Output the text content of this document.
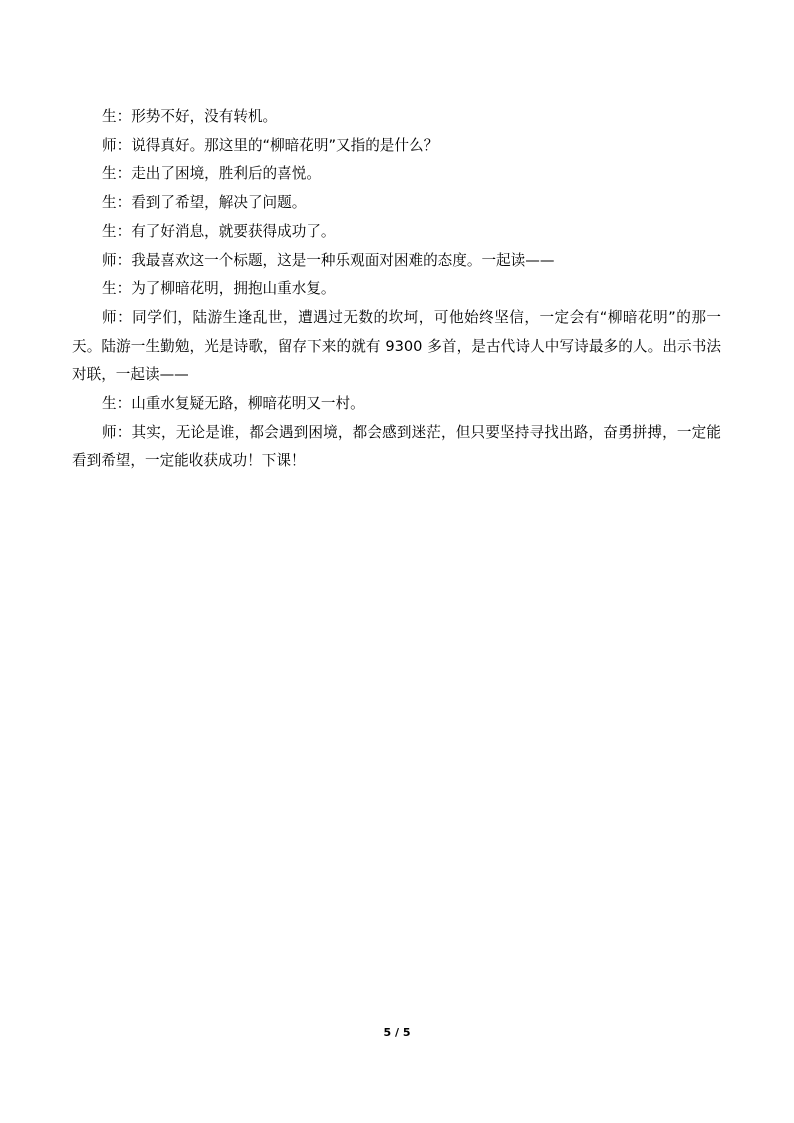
生：形势不好，没有转机。

师：说得真好。那这里的“柳暗花明”又指的是什么？

生：走出了困境，胜利后的喜悦。

生：看到了希望，解决了问题。

生：有了好消息，就要获得成功了。

师：我最喜欢这一个标题，这是一种乐观面对困难的态度。一起读——

生：为了柳暗花明，拥抱山重水复。

师：同学们，陆游生逢乱世，遭遇过无数的坎坷，可他始终坚信，一定会有“柳暗花明”的那一天。陆游一生勤勉，光是诗歌，留存下来的就有 9300 多首，是古代诗人中写诗最多的人。出示书法对联，一起读——

生：山重水复疑无路，柳暗花明又一村。

师：其实，无论是谁，都会遇到困境，都会感到迷茫，但只要坚持寻找出路，奋勇拼搏，一定能看到希望，一定能收获成功！下课！

5 / 5
